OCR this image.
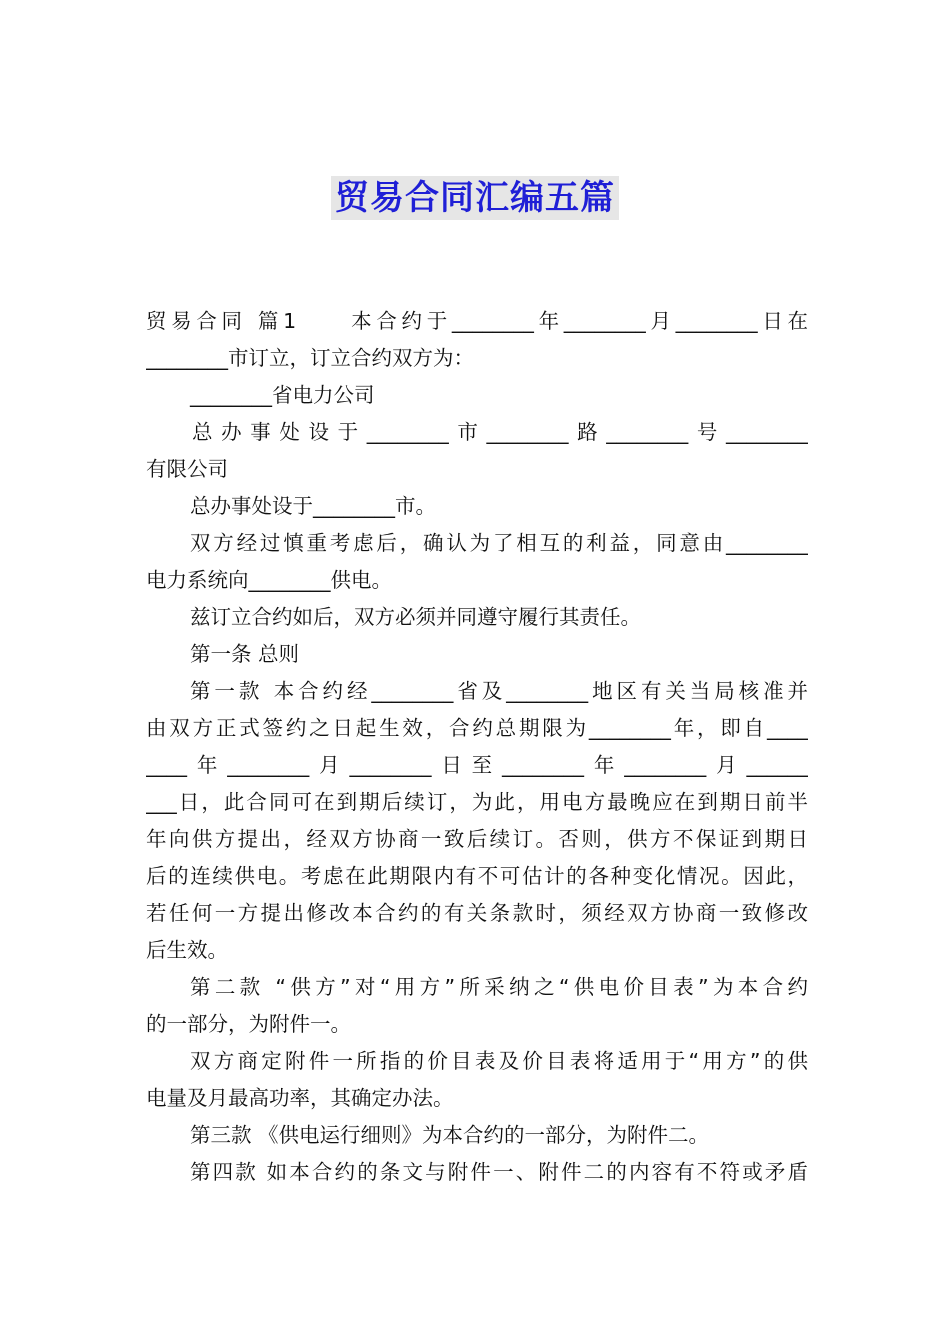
贸易合同汇编五篇
贸易合同 篇1　　本合约于________年________月________日在
________市订立，订立合约双方为：
________省电力公司
总办事处设于________市________路________号________
有限公司
总办事处设于________市。
双方经过慎重考虑后，确认为了相互的利益，同意由________
电力系统向________供电。
兹订立合约如后，双方必须并同遵守履行其责任。
第一条 总则
第一款 本合约经________省及________地区有关当局核准并
由双方正式签约之日起生效，合约总期限为________年，即自____
____年________月________日至________年________月______
___日，此合同可在到期后续订，为此，用电方最晚应在到期日前半
年向供方提出，经双方协商一致后续订。否则，供方不保证到期日
后的连续供电。考虑在此期限内有不可估计的各种变化情况。因此，
若任何一方提出修改本合约的有关条款时，须经双方协商一致修改
后生效。
第二款 “供方”对“用方”所采纳之“供电价目表”为本合约
的一部分，为附件一。
双方商定附件一所指的价目表及价目表将适用于“用方”的供
电量及月最高功率，其确定办法。
第三款 《供电运行细则》为本合约的一部分，为附件二。
第四款 如本合约的条文与附件一、附件二的内容有不符或矛盾
